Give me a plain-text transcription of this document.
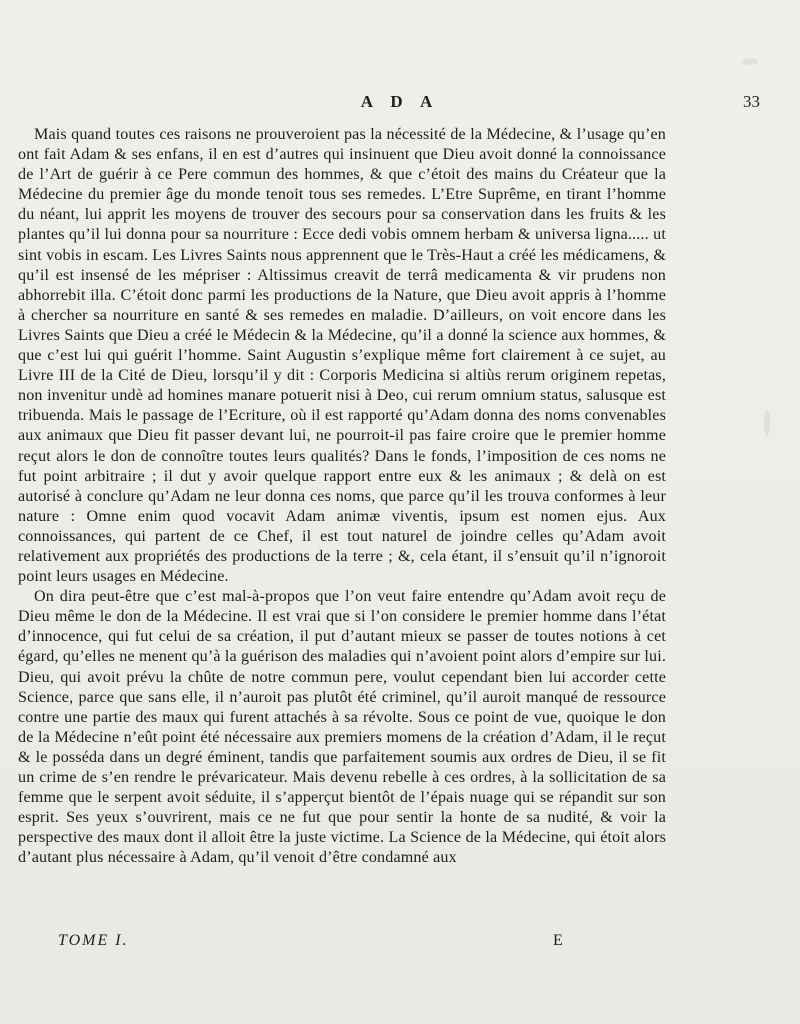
A D A	33

Mais quand toutes ces raisons ne prouveroient pas la nécessité de la Médecine, & l’usage qu’en ont fait Adam & ses enfans, il en est d’autres qui insinuent que Dieu avoit donné la connoissance de l’Art de guérir à ce Pere commun des hommes, & que c’étoit des mains du Créateur que la Médecine du premier âge du monde tenoit tous ses remedes. L’Etre Suprême, en tirant l’homme du néant, lui apprit les moyens de trouver des secours pour sa conservation dans les fruits & les plantes qu’il lui donna pour sa nourriture : Ecce dedi vobis omnem herbam & universa ligna..... ut sint vobis in escam. Les Livres Saints nous apprennent que le Très-Haut a créé les médicamens, & qu’il est insensé de les mépriser : Altissimus creavit de terrâ medicamenta & vir prudens non abhorrebit illa. C’étoit donc parmi les productions de la Nature, que Dieu avoit appris à l’homme à chercher sa nourriture en santé & ses remedes en maladie. D’ailleurs, on voit encore dans les Livres Saints que Dieu a créé le Médecin & la Médecine, qu’il a donné la science aux hommes, & que c’est lui qui guérit l’homme. Saint Augustin s’explique même fort clairement à ce sujet, au Livre III de la Cité de Dieu, lorsqu’il y dit : Corporis Medicina si altiùs rerum originem repetas, non invenitur undè ad homines manare potuerit nisi à Deo, cui rerum omnium status, salusque est tribuenda. Mais le passage de l’Ecriture, où il est rapporté qu’Adam donna des noms convenables aux animaux que Dieu fit passer devant lui, ne pourroit-il pas faire croire que le premier homme reçut alors le don de connoître toutes leurs qualités? Dans le fonds, l’imposition de ces noms ne fut point arbitraire ; il dut y avoir quelque rapport entre eux & les animaux ; & delà on est autorisé à conclure qu’Adam ne leur donna ces noms, que parce qu’il les trouva conformes à leur nature : Omne enim quod vocavit Adam animæ viventis, ipsum est nomen ejus. Aux connoissances, qui partent de ce Chef, il est tout naturel de joindre celles qu’Adam avoit relativement aux propriétés des productions de la terre ; &, cela étant, il s’ensuit qu’il n’ignoroit point leurs usages en Médecine.

On dira peut-être que c’est mal-à-propos que l’on veut faire entendre qu’Adam avoit reçu de Dieu même le don de la Médecine. Il est vrai que si l’on considere le premier homme dans l’état d’innocence, qui fut celui de sa création, il put d’autant mieux se passer de toutes notions à cet égard, qu’elles ne menent qu’à la guérison des maladies qui n’avoient point alors d’empire sur lui. Dieu, qui avoit prévu la chûte de notre commun pere, voulut cependant bien lui accorder cette Science, parce que sans elle, il n’auroit pas plutôt été criminel, qu’il auroit manqué de ressource contre une partie des maux qui furent attachés à sa révolte. Sous ce point de vue, quoique le don de la Médecine n’eût point été nécessaire aux premiers momens de la création d’Adam, il le reçut & le posséda dans un degré éminent, tandis que parfaitement soumis aux ordres de Dieu, il se fit un crime de s’en rendre le prévaricateur. Mais devenu rebelle à ces ordres, à la sollicitation de sa femme que le serpent avoit séduite, il s’apperçut bientôt de l’épais nuage qui se répandit sur son esprit. Ses yeux s’ouvrirent, mais ce ne fut que pour sentir la honte de sa nudité, & voir la perspective des maux dont il alloit être la juste victime. La Science de la Médecine, qui étoit alors d’autant plus nécessaire à Adam, qu’il venoit d’être condamné aux

TOME I.	E
